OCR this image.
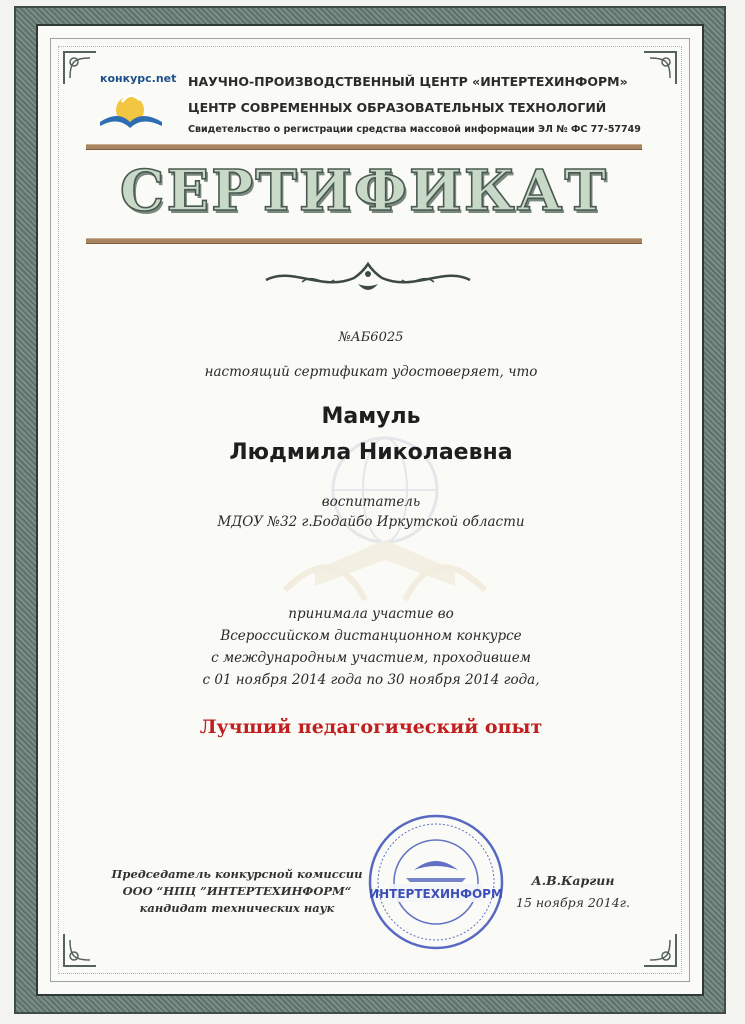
конкурс.net НАУЧНО-ПРОИЗВОДСТВЕННЫЙ ЦЕНТР «ИНТЕРТЕХИНФОРМ»
ЦЕНТР СОВРЕМЕННЫХ ОБРАЗОВАТЕЛЬНЫХ ТЕХНОЛОГИЙ
Свидетельство о регистрации средства массовой информации ЭЛ № ФС 77-57749
СЕРТИФИКАТ
№АБ6025
настоящий сертификат удостоверяет, что
Мамуль
Людмила Николаевна
воспитатель
МДОУ №32 г.Бодайбо Иркутской области
принимала участие во
Всероссийском дистанционном конкурсе
с международным участием, проходившем
с 01 ноября 2014 года по 30 ноября 2014 года,
Лучший педагогический опыт
Председатель конкурсной комиссии
ООО “НПЦ ”ИНТЕРТЕХИНФОРМ“
кандидат технических наук
ИНТЕРТЕХИНФОРМ
А.В.Каргин
15 ноября 2014г.
